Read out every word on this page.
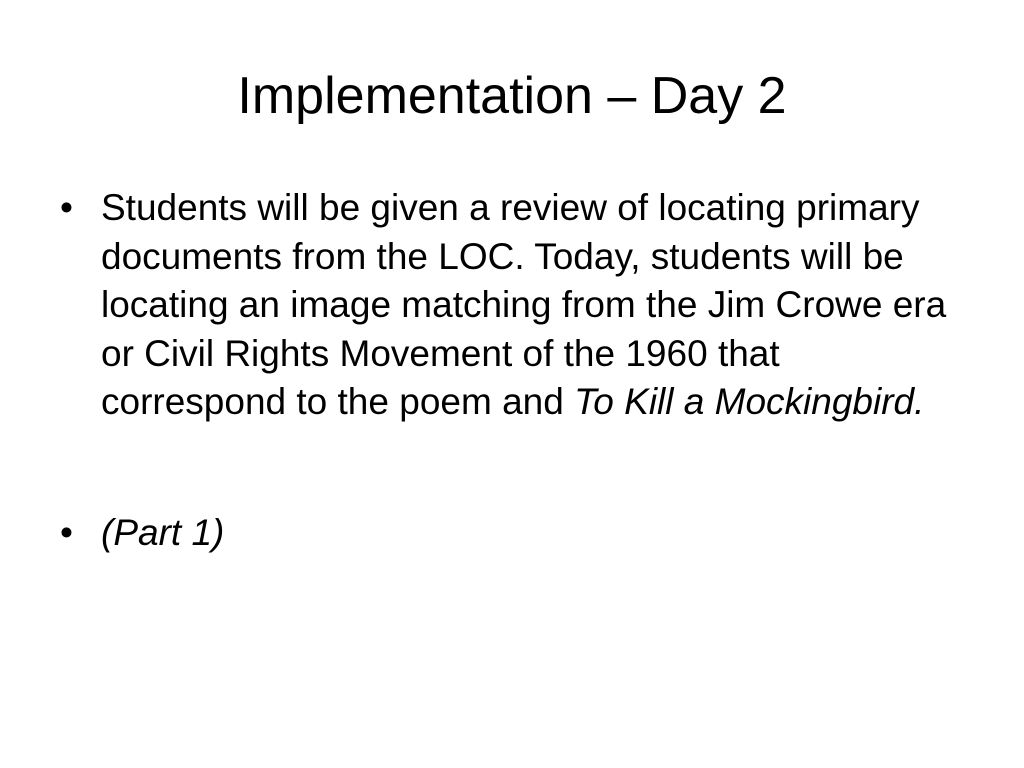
Implementation – Day 2
• Students will be given a review of locating primary documents from the LOC. Today, students will be locating an image matching from the Jim Crowe era or Civil Rights Movement of the 1960 that correspond to the poem and To Kill a Mockingbird.
• (Part 1)
